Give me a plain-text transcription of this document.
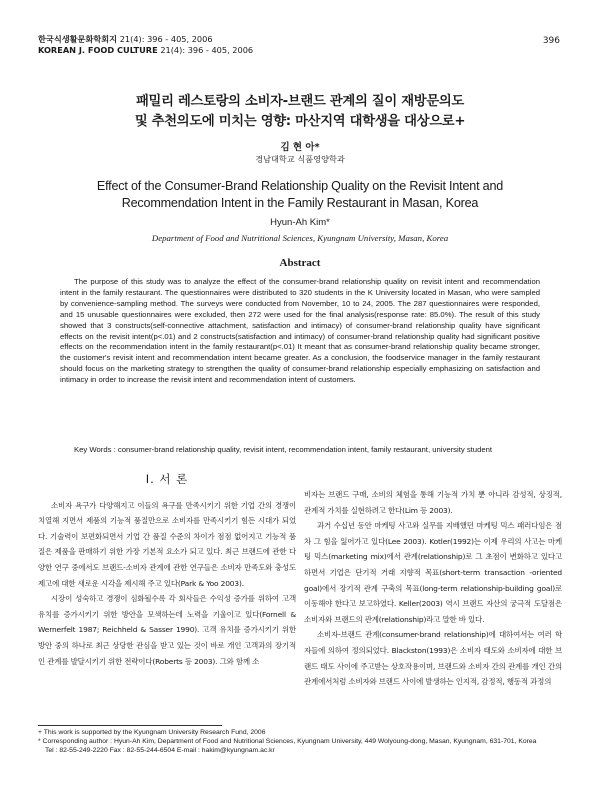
한국식생활문화학회지 21(4): 396 - 405, 2006
KOREAN J. FOOD CULTURE 21(4): 396 - 405, 2006
396
패밀리 레스토랑의 소비자-브랜드 관계의 질이 재방문의도
및 추천의도에 미치는 영향: 마산지역 대학생을 대상으로+
김 현 아*
경남대학교 식품영양학과
Effect of the Consumer-Brand Relationship Quality on the Revisit Intent and
Recommendation Intent in the Family Restaurant in Masan, Korea
Hyun-Ah Kim*
Department of Food and Nutritional Sciences, Kyungnam University, Masan, Korea
Abstract
The purpose of this study was to analyze the effect of the consumer-brand relationship quality on revisit intent and recommendation intent in the family restaurant. The questionnaires were distributed to 320 students in the K University located in Masan, who were sampled by convenience-sampling method. The surveys were conducted from November, 10 to 24, 2005. The 287 questionnaires were responded, and 15 unusable questionnaires were excluded, then 272 were used for the final analysis(response rate: 85.0%). The result of this study showed that 3 constructs(self-connective attachment, satisfaction and intimacy) of consumer-brand relationship quality have significant effects on the revisit intent(p<.01) and 2 constructs(satisfaction and intimacy) of consumer-brand relationship quality had significant positive effects on the recommendation intent in the family restaurant(p<.01) It meant that as consumer-brand relationship quality became stronger, the customer's revisit intent and recommendation intent became greater. As a conclusion, the foodservice manager in the family restaurant should focus on the marketing strategy to strengthen the quality of consumer-brand relationship especially emphasizing on satisfaction and intimacy in order to increase the revisit intent and recommendation intent of customers.
Key Words : consumer-brand relationship quality, revisit intent, recommendation intent, family restaurant, university student
I. 서 론

소비자 욕구가 다양해지고 이들의 욕구를 만족시키기 위한 기업 간의 경쟁이 치열해 지면서 제품의 기능적 품질만으로 소비자를 만족시키기 힘든 시대가 되었다. 기술력이 보편화되면서 기업 간 품질 수준의 차이가 점점 없어지고 기능적 품질은 제품을 판매하기 위한 가장 기본적 요소가 되고 있다. 최근 브랜드에 관한 다양한 연구 중에서도 브랜드-소비자 관계에 관한 연구들은 소비자 만족도와 충성도 제고에 대한 새로운 시각을 제시해 주고 있다(Park & Yoo 2003).

시장이 성숙하고 경쟁이 심화될수록 각 회사들은 수익성 증가를 위하여 고객 유치를 증가시키기 위한 방안을 모색하는데 노력을 기울이고 있다(Fornell & Wernerfelt 1987; Reichheld & Sasser 1990). 고객 유치를 증가시키기 위한 방안 중의 하나로 최근 상당한 관심을 받고 있는 것이 바로 개인 고객과의 장기적인 관계를 발달시키기 위한 전략이다(Roberts 등 2003). 그와 함께 소

비자는 브랜드 구매, 소비의 체험을 통해 기능적 가치 뿐 아니라 감성적, 상징적, 관계적 가치를 실현하려고 한다(Lim 등 2003).

과거 수십년 동안 마케팅 사고와 실무를 지배했던 마케팅 믹스 패러다임은 점차 그 힘을 잃어가고 있다(Lee 2003). Kotler(1992)는 이제 우리의 사고는 마케팅 믹스(marketing mix)에서 관계(relationship)로 그 초점이 변화하고 있다고 하면서 기업은 단기적 거래 지향적 목표(short-term transaction -oriented goal)에서 장기적 관계 구축의 목표(long-term relationship-building goal)로 이동해야 한다고 보고하였다. Keller(2003) 역시 브랜드 자산의 궁극적 도달점은 소비자와 브랜드의 관계(relationship)라고 말한 바 있다.

소비자-브랜드 관계(consumer-brand relationship)에 대하여서는 여러 학자들에 의하여 정의되었다. Blackston(1993)은 소비자 태도와 소비자에 대한 브랜드 태도 사이에 주고받는 상호작용이며, 브랜드와 소비자 간의 관계를 개인 간의 관계에서처럼 소비자와 브랜드 사이에 발생하는 인지적, 감정적, 행동적 과정의

+ This work is supported by the Kyungnam University Research Fund, 2006
* Corresponding author : Hyun-Ah Kim, Department of Food and Nutritional Sciences, Kyungnam University, 449 Wolyoung-dong, Masan, Kyungnam, 631-701, Korea
Tel : 82-55-249-2220 Fax : 82-55-244-6504 E-mail : hakim@kyungnam.ac.kr
